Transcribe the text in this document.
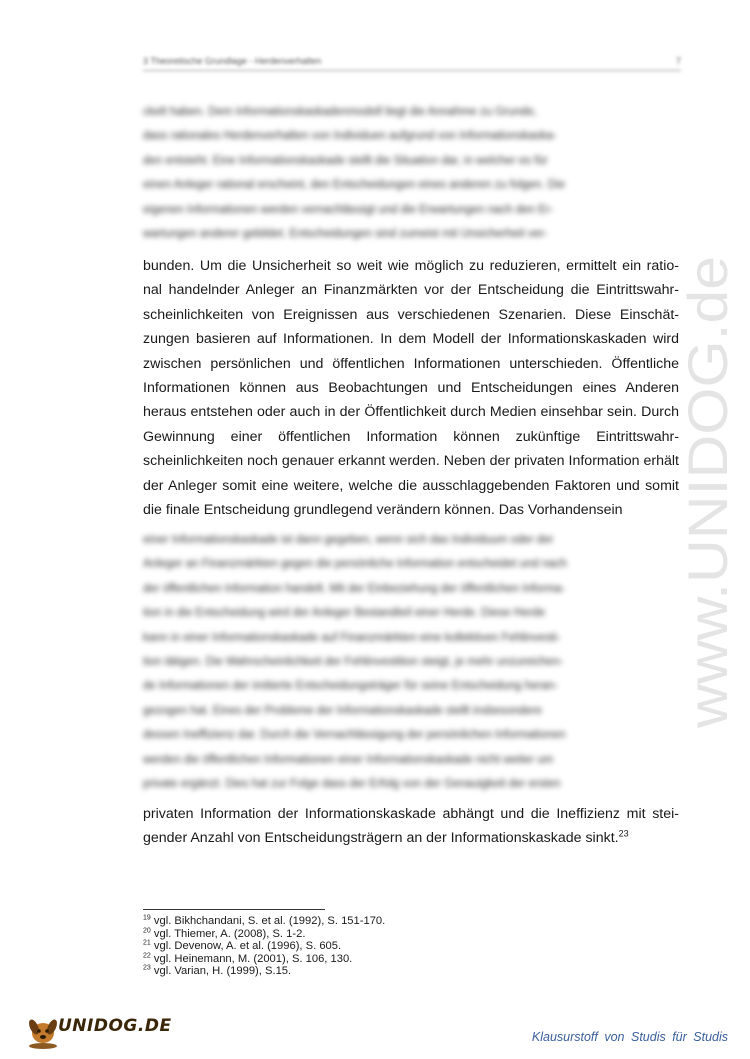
3 Theoretische Grundlage - Herdenverhalten	7
ckelt haben. Dem Informationskaskadenmodell liegt die Annahme zu Grunde,
dass rationales Herdenverhalten von Individuen aufgrund von Informationskaska-
den entsteht. Eine Informationskaskade stellt die Situation dar, in welcher es für
einen Anleger rational erscheint, den Entscheidungen eines anderen zu folgen. Die
eigenen Informationen werden vernachlässigt und die Erwartungen nach den Er-
wartungen anderer gebildet. Entscheidungen sind zumeist mit Unsicherheit ver-
bunden. Um die Unsicherheit so weit wie möglich zu reduzieren, ermittelt ein ratio- nal handelnder Anleger an Finanzmärkten vor der Entscheidung die Eintrittswahr- scheinlichkeiten von Ereignissen aus verschiedenen Szenarien. Diese Einschät- zungen basieren auf Informationen. In dem Modell der Informationskaskaden wird zwischen persönlichen und öffentlichen Informationen unterschieden. Öffentliche Informationen können aus Beobachtungen und Entscheidungen eines Anderen heraus entstehen oder auch in der Öffentlichkeit durch Medien einsehbar sein. Durch Gewinnung einer öffentlichen Information können zukünftige Eintrittswahr- scheinlichkeiten noch genauer erkannt werden. Neben der privaten Information erhält der Anleger somit eine weitere, welche die ausschlaggebenden Faktoren und somit die finale Entscheidung grundlegend verändern können. Das Vorhandensein
einer Informationskaskade ist dann gegeben, wenn sich das Individuum oder der
Anleger an Finanzmärkten gegen die persönliche Information entscheidet und nach
der öffentlichen Information handelt. Mit der Einbeziehung der öffentlichen Informa-
tion in die Entscheidung wird der Anleger Bestandteil einer Herde. Diese Herde
kann in einer Informationskaskade auf Finanzmärkten eine kollektiven Fehlinvesti-
tion tätigen. Die Wahrscheinlichkeit der Fehlinvestition steigt, je mehr unzureichen-
de Informationen der imitierte Entscheidungsträger für seine Entscheidung heran-
gezogen hat. Eines der Probleme der Informationskaskade stellt insbesondere
dessen Ineffizienz dar. Durch die Vernachlässigung der persönlichen Informationen
werden die öffentlichen Informationen einer Informationskaskade nicht weiter um
private ergänzt. Dies hat zur Folge dass der Erfolg von der Genauigkeit der ersten
privaten Information der Informationskaskade abhängt und die Ineffizienz mit stei- gender Anzahl von Entscheidungsträgern an der Informationskaskade sinkt.$^{23}$
$^{19}$ vgl. Bikhchandani, S. et al. (1992), S. 151-170.
$^{20}$ vgl. Thiemer, A. (2008), S. 1-2.
$^{21}$ vgl. Devenow, A. et al. (1996), S. 605.
$^{22}$ vgl. Heinemann, M. (2001), S. 106, 130.
$^{23}$ vgl. Varian, H. (1999), S.15.
www.UNIDOG.de
UNIDOG.DE
Klausurstoff von Studis für Studis
